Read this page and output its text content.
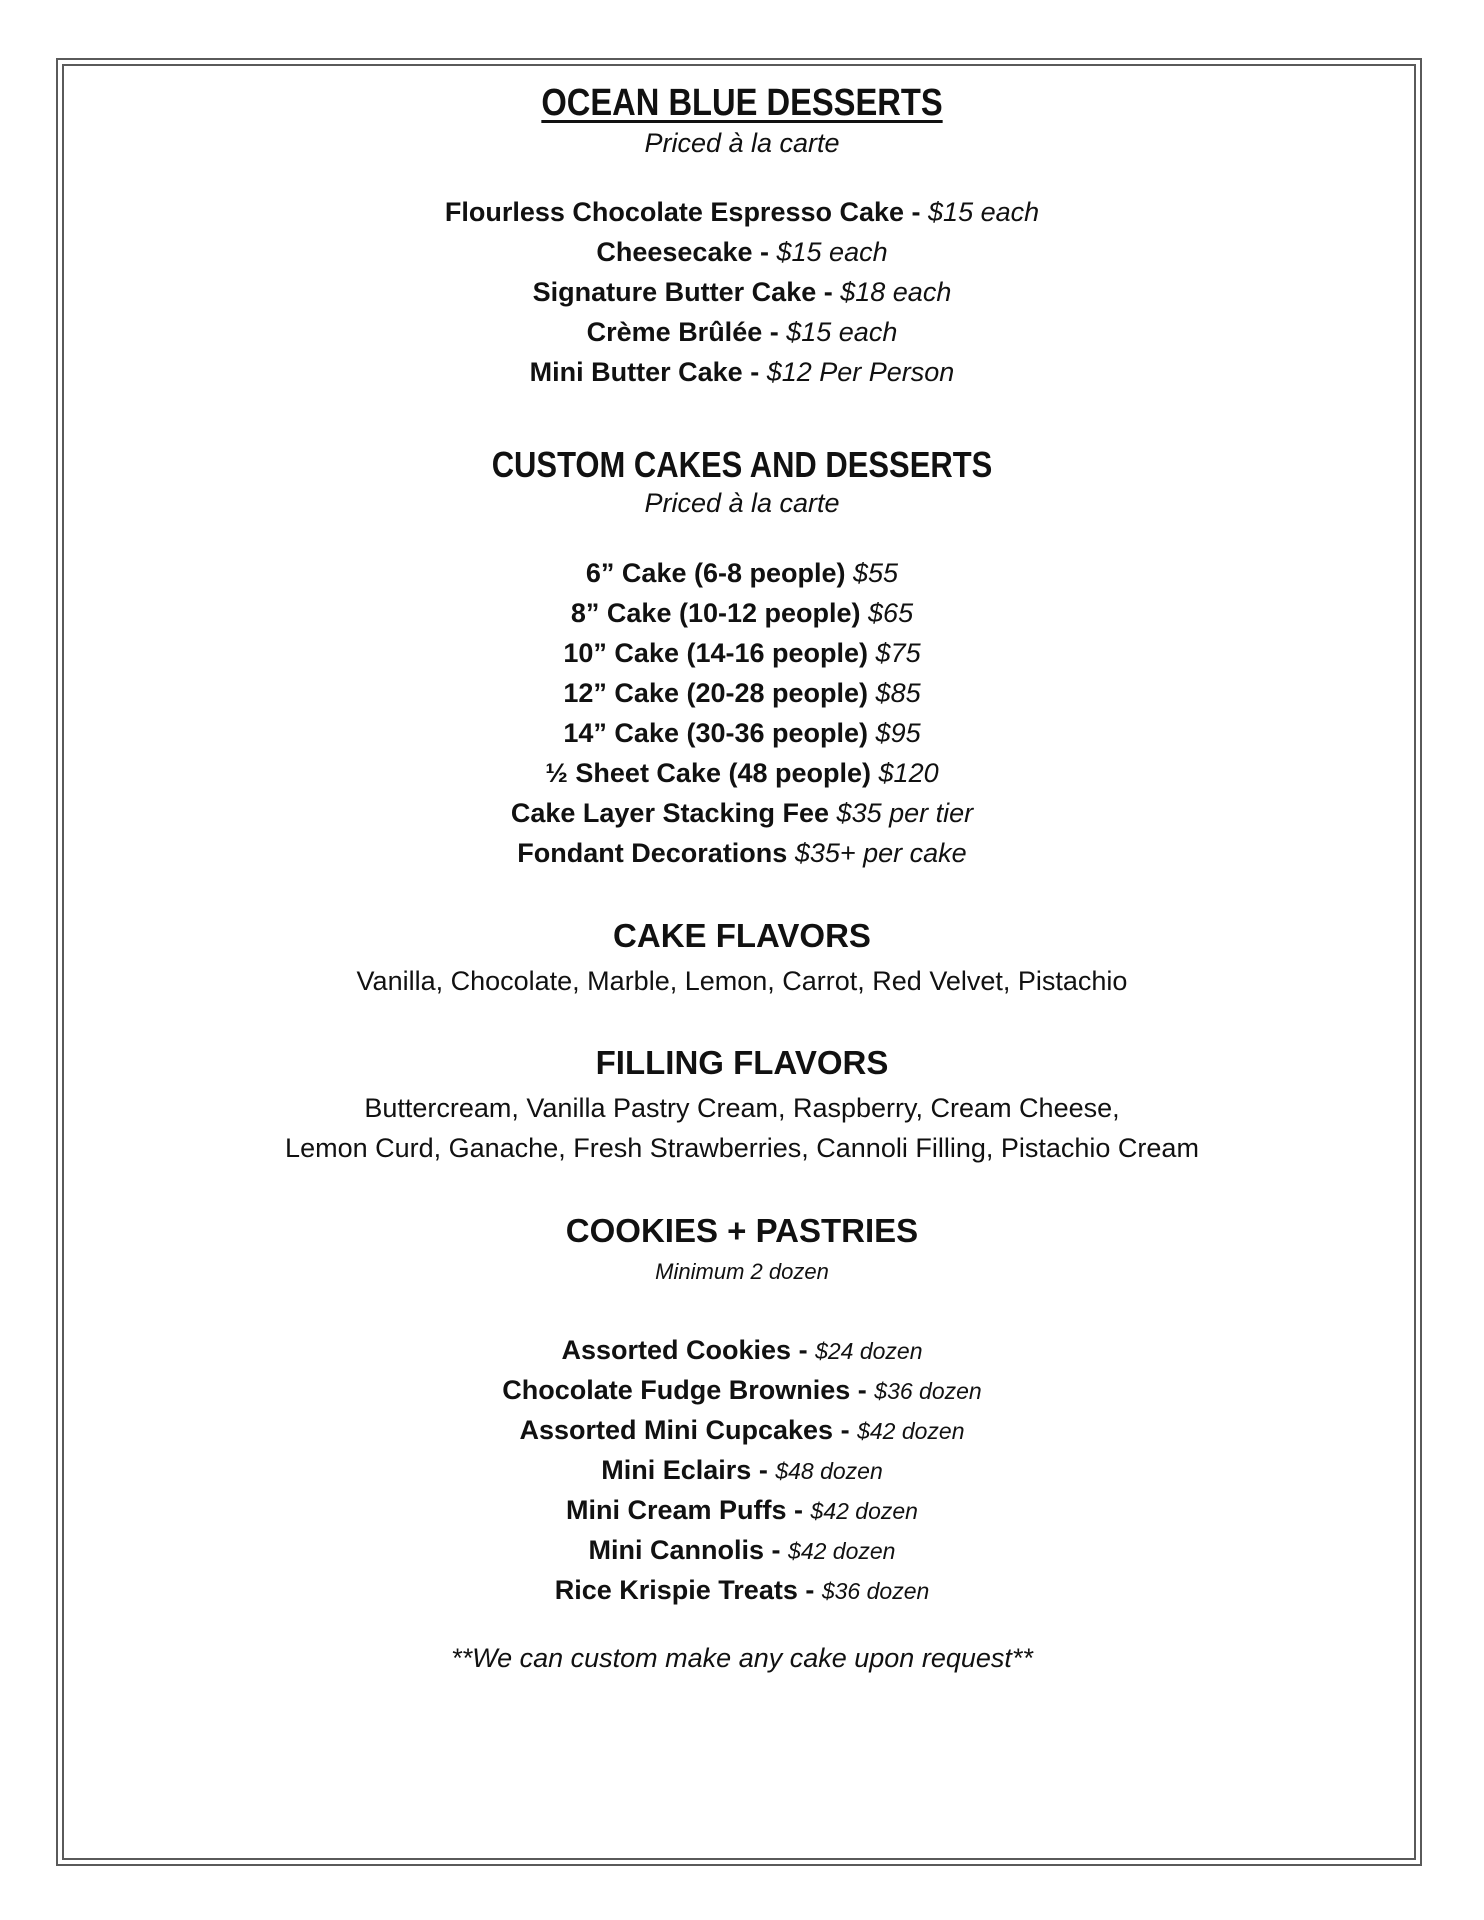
OCEAN BLUE DESSERTS
Priced à la carte
Flourless Chocolate Espresso Cake - $15 each
Cheesecake - $15 each
Signature Butter Cake - $18 each
Crème Brûlée - $15 each
Mini Butter Cake - $12 Per Person
CUSTOM CAKES AND DESSERTS
Priced à la carte
6” Cake (6-8 people) $55
8” Cake (10-12 people) $65
10” Cake (14-16 people) $75
12” Cake (20-28 people) $85
14” Cake (30-36 people) $95
½ Sheet Cake (48 people) $120
Cake Layer Stacking Fee $35 per tier
Fondant Decorations $35+ per cake
CAKE FLAVORS
Vanilla, Chocolate, Marble, Lemon, Carrot, Red Velvet, Pistachio
FILLING FLAVORS
Buttercream, Vanilla Pastry Cream, Raspberry, Cream Cheese,
Lemon Curd, Ganache, Fresh Strawberries, Cannoli Filling, Pistachio Cream
COOKIES + PASTRIES
Minimum 2 dozen
Assorted Cookies - $24 dozen
Chocolate Fudge Brownies - $36 dozen
Assorted Mini Cupcakes - $42 dozen
Mini Eclairs - $48 dozen
Mini Cream Puffs - $42 dozen
Mini Cannolis - $42 dozen
Rice Krispie Treats - $36 dozen
**We can custom make any cake upon request**
